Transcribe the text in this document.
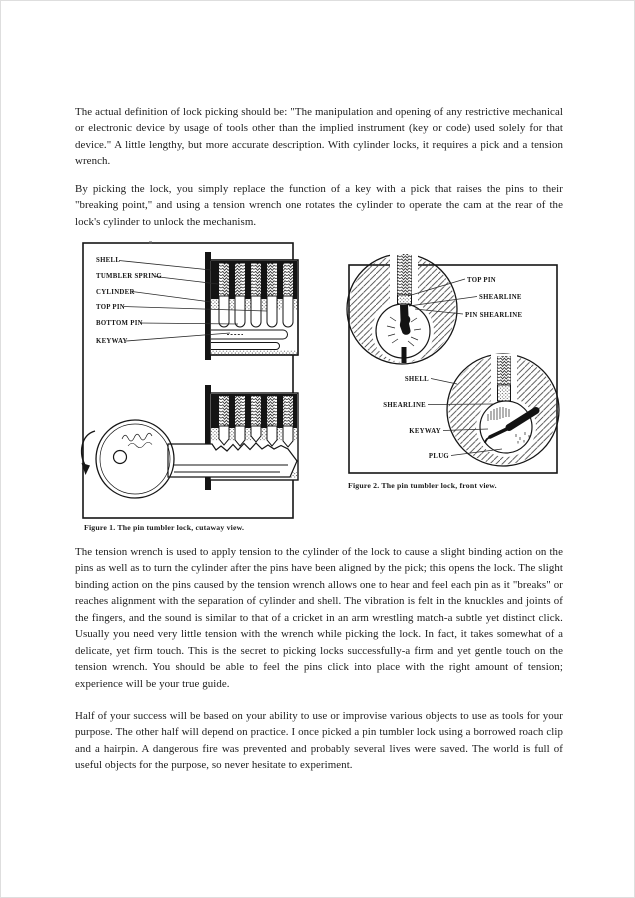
The actual definition of lock picking should be: "The manipulation and opening of any restrictive mechanical or electronic device by usage of tools other than the implied instrument (key or code) used solely for that device." A little lengthy, but more accurate description. With cylinder locks, it requires a pick and a tension wrench.

By picking the lock, you simply replace the function of a key with a pick that raises the pins to their "breaking point," and using a tension wrench one rotates the cylinder to operate the cam at the rear of the lock's cylinder to unlock the mechanism.

SHELL
TUMBLER SPRING
CYLINDER
TOP PIN
BOTTOM PIN
KEYWAY
Figure 1. The pin tumbler lock, cutaway view.
TOP PIN
SHEARLINE
PIN SHEARLINE
SHELL
SHEARLINE
KEYWAY
PLUG
Figure 2. The pin tumbler lock, front view.

The tension wrench is used to apply tension to the cylinder of the lock to cause a slight binding action on the pins as well as to turn the cylinder after the pins have been aligned by the pick; this opens the lock. The slight binding action on the pins caused by the tension wrench allows one to hear and feel each pin as it "breaks" or reaches alignment with the separation of cylinder and shell. The vibration is felt in the knuckles and joints of the fingers, and the sound is similar to that of a cricket in an arm wrestling match-a subtle yet distinct click. Usually you need very little tension with the wrench while picking the lock. In fact, it takes somewhat of a delicate, yet firm touch. This is the secret to picking locks successfully-a firm and yet gentle touch on the tension wrench. You should be able to feel the pins click into place with the right amount of tension; experience will be your true guide.

Half of your success will be based on your ability to use or improvise various objects to use as tools for your purpose. The other half will depend on practice. I once picked a pin tumbler lock using a borrowed roach clip and a hairpin. A dangerous fire was prevented and probably several lives were saved. The world is full of useful objects for the purpose, so never hesitate to experiment.
